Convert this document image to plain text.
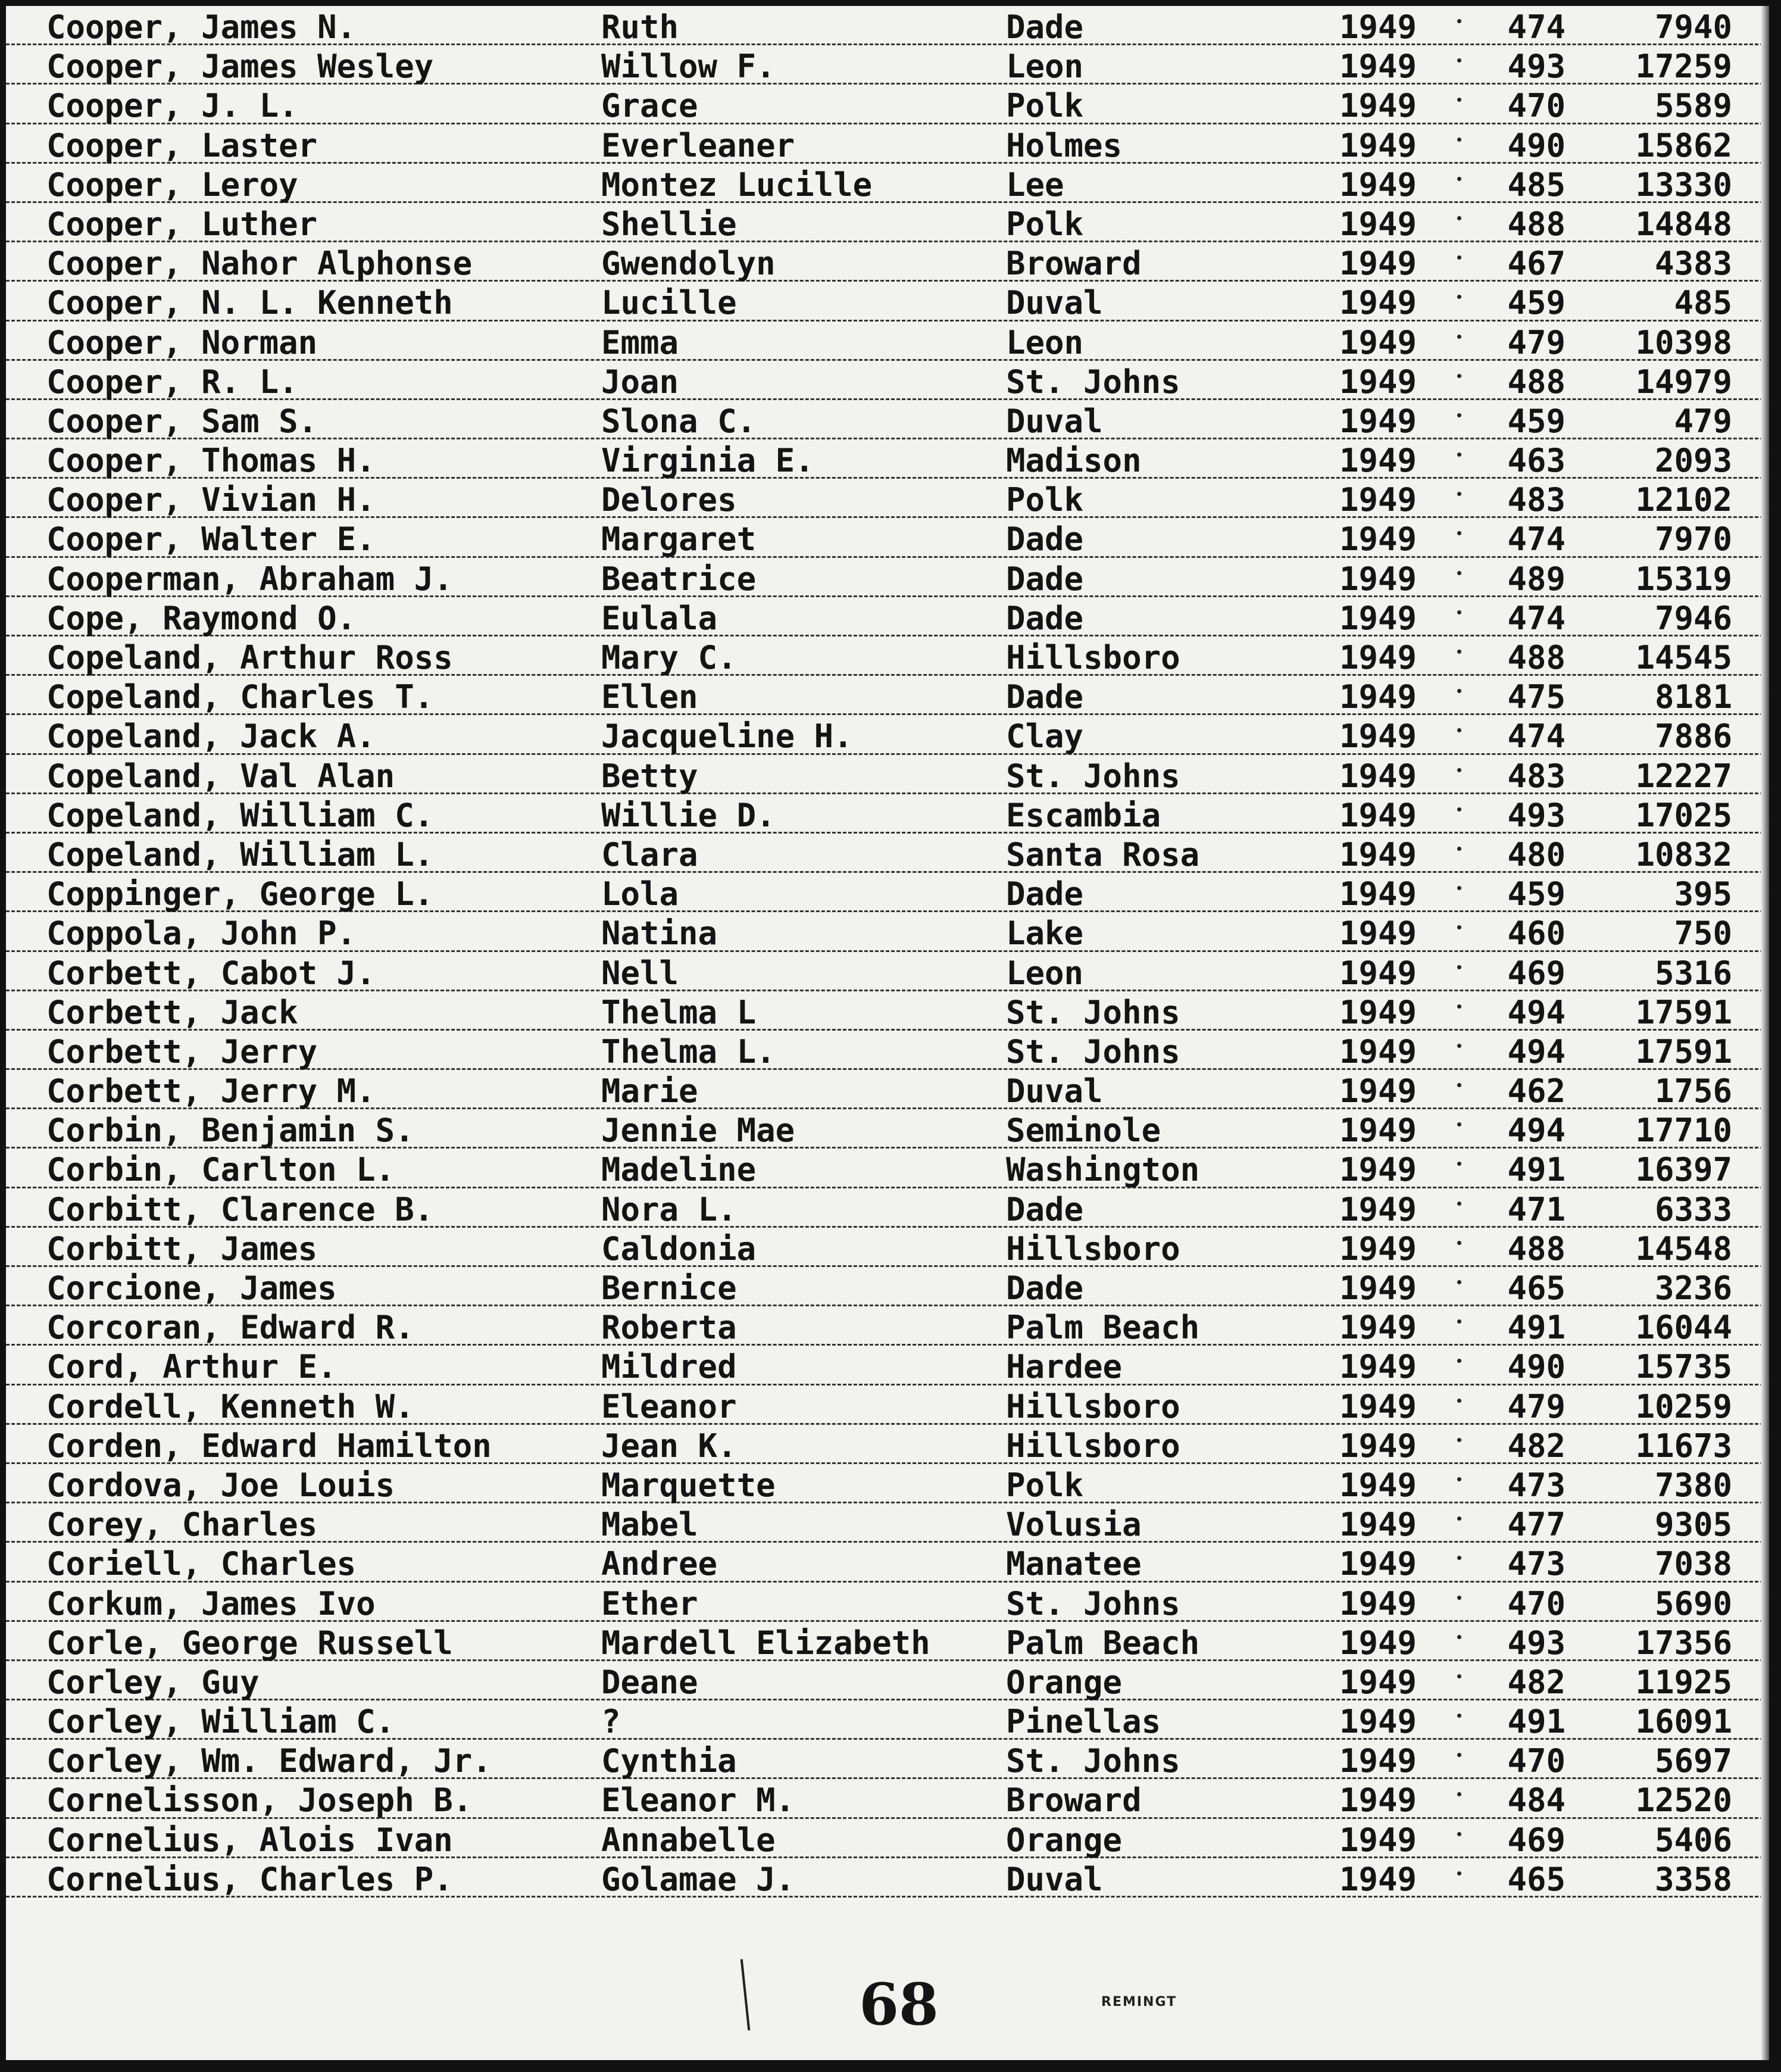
Cooper, James N.	Ruth	Dade	1949	474	7940
Cooper, James Wesley	Willow F.	Leon	1949	493	17259
Cooper, J. L.	Grace	Polk	1949	470	5589
Cooper, Laster	Everleaner	Holmes	1949	490	15862
Cooper, Leroy	Montez Lucille	Lee	1949	485	13330
Cooper, Luther	Shellie	Polk	1949	488	14848
Cooper, Nahor Alphonse	Gwendolyn	Broward	1949	467	4383
Cooper, N. L. Kenneth	Lucille	Duval	1949	459	485
Cooper, Norman	Emma	Leon	1949	479	10398
Cooper, R. L.	Joan	St. Johns	1949	488	14979
Cooper, Sam S.	Slona C.	Duval	1949	459	479
Cooper, Thomas H.	Virginia E.	Madison	1949	463	2093
Cooper, Vivian H.	Delores	Polk	1949	483	12102
Cooper, Walter E.	Margaret	Dade	1949	474	7970
Cooperman, Abraham J.	Beatrice	Dade	1949	489	15319
Cope, Raymond O.	Eulala	Dade	1949	474	7946
Copeland, Arthur Ross	Mary C.	Hillsboro	1949	488	14545
Copeland, Charles T.	Ellen	Dade	1949	475	8181
Copeland, Jack A.	Jacqueline H.	Clay	1949	474	7886
Copeland, Val Alan	Betty	St. Johns	1949	483	12227
Copeland, William C.	Willie D.	Escambia	1949	493	17025
Copeland, William L.	Clara	Santa Rosa	1949	480	10832
Coppinger, George L.	Lola	Dade	1949	459	395
Coppola, John P.	Natina	Lake	1949	460	750
Corbett, Cabot J.	Nell	Leon	1949	469	5316
Corbett, Jack	Thelma L	St. Johns	1949	494	17591
Corbett, Jerry	Thelma L.	St. Johns	1949	494	17591
Corbett, Jerry M.	Marie	Duval	1949	462	1756
Corbin, Benjamin S.	Jennie Mae	Seminole	1949	494	17710
Corbin, Carlton L.	Madeline	Washington	1949	491	16397
Corbitt, Clarence B.	Nora L.	Dade	1949	471	6333
Corbitt, James	Caldonia	Hillsboro	1949	488	14548
Corcione, James	Bernice	Dade	1949	465	3236
Corcoran, Edward R.	Roberta	Palm Beach	1949	491	16044
Cord, Arthur E.	Mildred	Hardee	1949	490	15735
Cordell, Kenneth W.	Eleanor	Hillsboro	1949	479	10259
Corden, Edward Hamilton	Jean K.	Hillsboro	1949	482	11673
Cordova, Joe Louis	Marquette	Polk	1949	473	7380
Corey, Charles	Mabel	Volusia	1949	477	9305
Coriell, Charles	Andree	Manatee	1949	473	7038
Corkum, James Ivo	Ether	St. Johns	1949	470	5690
Corle, George Russell	Mardell Elizabeth	Palm Beach	1949	493	17356
Corley, Guy	Deane	Orange	1949	482	11925
Corley, William C.	?	Pinellas	1949	491	16091
Corley, Wm. Edward, Jr.	Cynthia	St. Johns	1949	470	5697
Cornelisson, Joseph B.	Eleanor M.	Broward	1949	484	12520
Cornelius, Alois Ivan	Annabelle	Orange	1949	469	5406
Cornelius, Charles P.	Golamae J.	Duval	1949	465	3358
68	REMINGT
